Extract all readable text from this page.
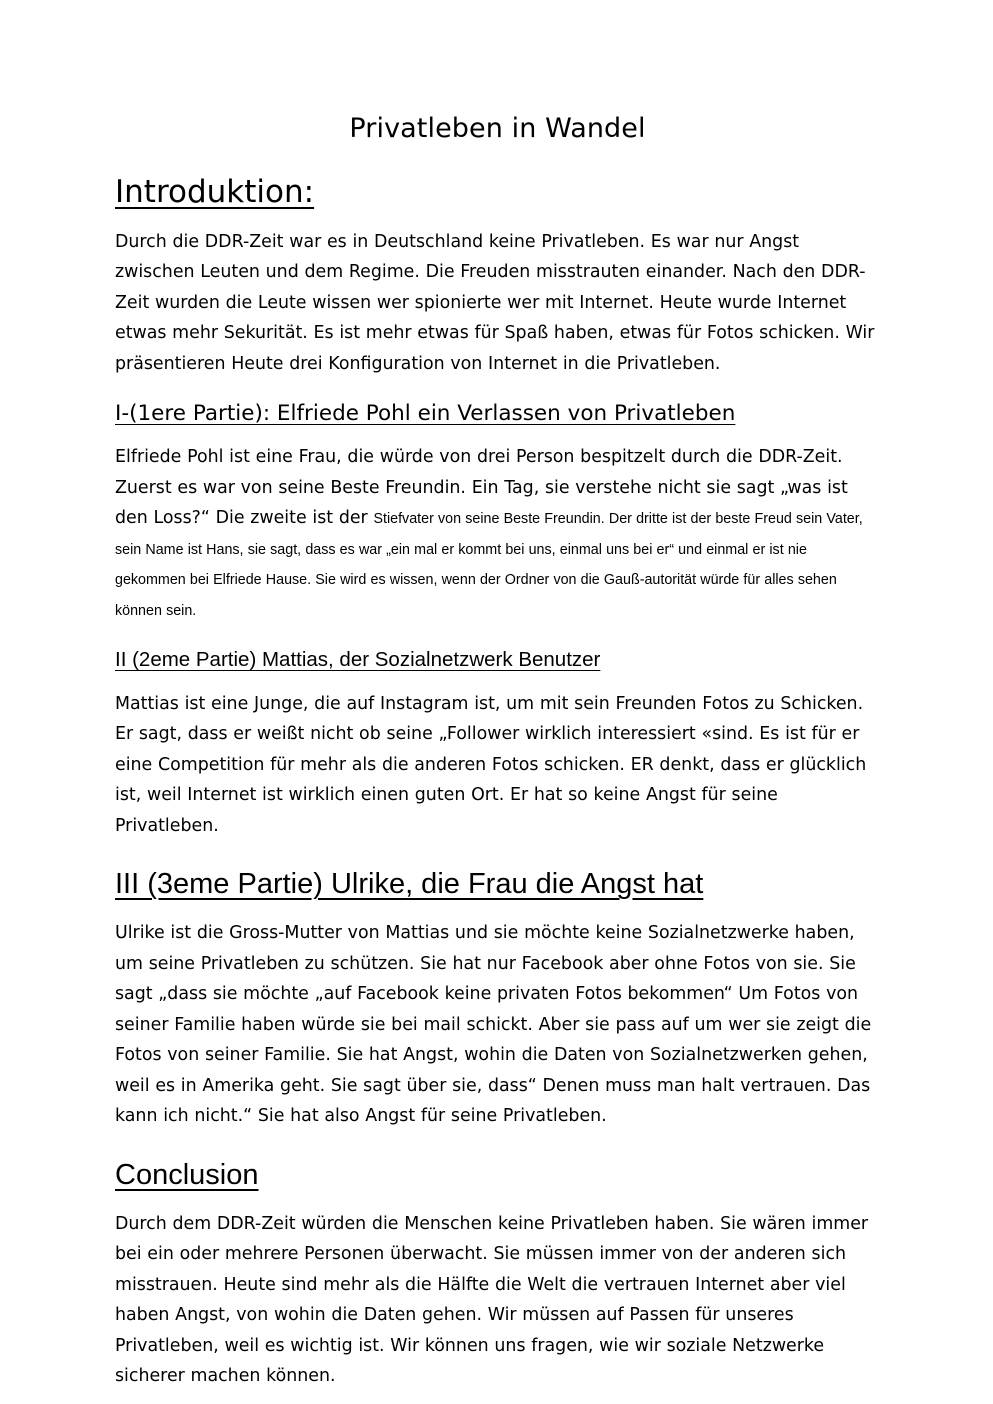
Privatleben in Wandel
Introduktion:

Durch die DDR-Zeit war es in Deutschland keine Privatleben. Es war nur Angst zwischen Leuten und dem Regime. Die Freuden misstrauten einander. Nach den DDR-Zeit wurden die Leute wissen wer spionierte wer mit Internet. Heute wurde Internet etwas mehr Sekurität. Es ist mehr etwas für Spaß haben, etwas für Fotos schicken. Wir präsentieren Heute drei Konfiguration von Internet in die Privatleben.

I-(1ere Partie): Elfriede Pohl ein Verlassen von Privatleben

Elfriede Pohl ist eine Frau, die würde von drei Person bespitzelt durch die DDR-Zeit. Zuerst es war von seine Beste Freundin. Ein Tag, sie verstehe nicht sie sagt „was ist den Loss?“ Die zweite ist der Stiefvater von seine Beste Freundin. Der dritte ist der beste Freud sein Vater, sein Name ist Hans, sie sagt, dass es war „ein mal er kommt bei uns, einmal uns bei er“ und einmal er ist nie gekommen bei Elfriede Hause. Sie wird es wissen, wenn der Ordner von die Gauß-autorität würde für alles sehen können sein.

II (2eme Partie) Mattias, der Sozialnetzwerk Benutzer

Mattias ist eine Junge, die auf Instagram ist, um mit sein Freunden Fotos zu Schicken. Er sagt, dass er weißt nicht ob seine „Follower wirklich interessiert «sind. Es ist für er eine Competition für mehr als die anderen Fotos schicken. ER denkt, dass er glücklich ist, weil Internet ist wirklich einen guten Ort. Er hat so keine Angst für seine Privatleben.

III (3eme Partie) Ulrike, die Frau die Angst hat

Ulrike ist die Gross-Mutter von Mattias und sie möchte keine Sozialnetzwerke haben, um seine Privatleben zu schützen. Sie hat nur Facebook aber ohne Fotos von sie. Sie sagt „dass sie möchte „auf Facebook keine privaten Fotos bekommen“ Um Fotos von seiner Familie haben würde sie bei mail schickt. Aber sie pass auf um wer sie zeigt die Fotos von seiner Familie. Sie hat Angst, wohin die Daten von Sozialnetzwerken gehen, weil es in Amerika geht. Sie sagt über sie, dass“ Denen muss man halt vertrauen. Das kann ich nicht.“ Sie hat also Angst für seine Privatleben.

Conclusion

Durch dem DDR-Zeit würden die Menschen keine Privatleben haben. Sie wären immer bei ein oder mehrere Personen überwacht. Sie müssen immer von der anderen sich misstrauen. Heute sind mehr als die Hälfte die Welt die vertrauen Internet aber viel haben Angst, von wohin die Daten gehen. Wir müssen auf Passen für unseres Privatleben, weil es wichtig ist. Wir können uns fragen, wie wir soziale Netzwerke sicherer machen können.
